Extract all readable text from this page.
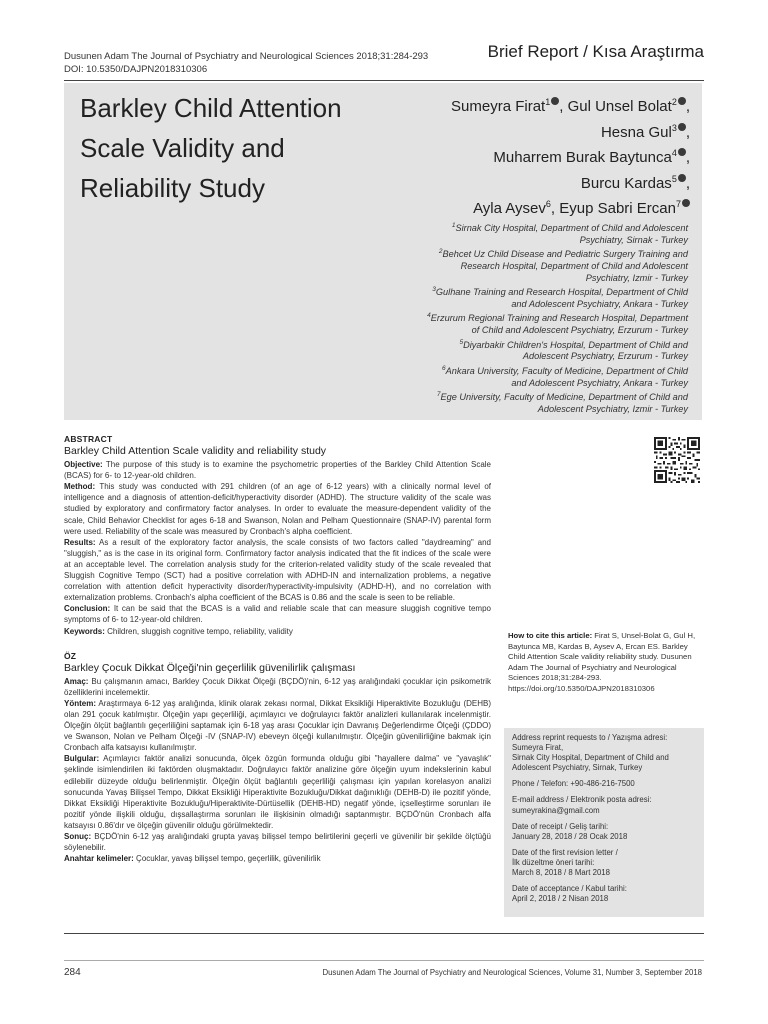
Dusunen Adam The Journal of Psychiatry and Neurological Sciences 2018;31:284-293
DOI: 10.5350/DAJPN2018310306
Brief Report / Kısa Araştırma
Barkley Child Attention Scale Validity and Reliability Study
Sumeyra Firat$^1$ , Gul Unsel Bolat$^2$ ,
Hesna Gul$^3$ ,
Muharrem Burak Baytunca$^4$ ,
Burcu Kardas$^5$ ,
Ayla Aysev$^6$, Eyup Sabri Ercan$^7$
$^1$Sirnak City Hospital, Department of Child and Adolescent
Psychiatry, Sirnak - Turkey
$^2$Behcet Uz Child Disease and Pediatric Surgery Training and
Research Hospital, Department of Child and Adolescent
Psychiatry, Izmir - Turkey
$^3$Gulhane Training and Research Hospital, Department of Child
and Adolescent Psychiatry, Ankara - Turkey
$^4$Erzurum Regional Training and Research Hospital, Department
of Child and Adolescent Psychiatry, Erzurum - Turkey
$^5$Diyarbakir Children's Hospital, Department of Child and
Adolescent Psychiatry, Erzurum - Turkey
$^6$Ankara University, Faculty of Medicine, Department of Child
and Adolescent Psychiatry, Ankara - Turkey
$^7$Ege University, Faculty of Medicine, Department of Child and
Adolescent Psychiatry, Izmir - Turkey
ABSTRACT
Barkley Child Attention Scale validity and reliability study

Objective: The purpose of this study is to examine the psychometric properties of the Barkley Child Attention Scale (BCAS) for 6- to 12-year-old children.

Method: This study was conducted with 291 children (of an age of 6-12 years) with a clinically normal level of intelligence and a diagnosis of attention-deficit/hyperactivity disorder (ADHD). The structure validity of the scale was studied by exploratory and confirmatory factor analyses. In order to evaluate the measure-dependent validity of the scale, Child Behavior Checklist for ages 6-18 and Swanson, Nolan and Pelham Questionnaire (SNAP-IV) parental form were used. Reliability of the scale was measured by Cronbach's alpha coefficient.

Results: As a result of the exploratory factor analysis, the scale consists of two factors called "daydreaming" and "sluggish," as is the case in its original form. Confirmatory factor analysis indicated that the fit indices of the scale were at an acceptable level. The correlation analysis study for the criterion-related validity study of the scale revealed that Sluggish Cognitive Tempo (SCT) had a positive correlation with ADHD-IN and internalization problems, a negative correlation with attention deficit hyperactivity disorder/hyperactivity-impulsivity (ADHD-H), and no correlation with externalization problems. Cronbach's alpha coefficient of the BCAS is 0.86 and the scale is seen to be reliable.

Conclusion: It can be said that the BCAS is a valid and reliable scale that can measure sluggish cognitive tempo symptoms of 6- to 12-year-old children.

Keywords: Children, sluggish cognitive tempo, reliability, validity

ÖZ
Barkley Çocuk Dikkat Ölçeği'nin geçerlilik güvenilirlik çalışması

Amaç: Bu çalışmanın amacı, Barkley Çocuk Dikkat Ölçeği (BÇDÖ)'nin, 6-12 yaş aralığındaki çocuklar için psikometrik özelliklerini incelemektir.

Yöntem: Araştırmaya 6-12 yaş aralığında, klinik olarak zekası normal, Dikkat Eksikliği Hiperaktivite Bozukluğu (DEHB) olan 291 çocuk katılmıştır. Ölçeğin yapı geçerliliği, açımlayıcı ve doğrulayıcı faktör analizleri kullanılarak incelenmiştir. Ölçeğin ölçüt bağlantılı geçerliliğini saptamak için 6-18 yaş arası Çocuklar için Davranış Değerlendirme Ölçeği (ÇDDO) ve Swanson, Nolan ve Pelham Ölçeği -IV (SNAP-IV) ebeveyn ölçeği kullanılmıştır. Ölçeğin güvenilirliğine bakmak için Cronbach alfa katsayısı kullanılmıştır.

Bulgular: Açımlayıcı faktör analizi sonucunda, ölçek özgün formunda olduğu gibi "hayallere dalma" ve "yavaşlık" şeklinde isimlendirilen iki faktörden oluşmaktadır. Doğrulayıcı faktör analizine göre ölçeğin uyum indekslerinin kabul edilebilir düzeyde olduğu belirlenmiştir. Ölçeğin ölçüt bağlantılı geçerliliği çalışması için yapılan korelasyon analizi sonucunda Yavaş Bilişsel Tempo, Dikkat Eksikliği Hiperaktivite Bozukluğu/Dikkat dağınıklığı (DEHB-D) ile pozitif yönde, Dikkat Eksikliği Hiperaktivite Bozukluğu/Hiperaktivite-Dürtüsellik (DEHB-HD) negatif yönde, içselleştirme sorunları ile pozitif yönde ilişkili olduğu, dışsallaştırma sorunları ile ilişkisinin olmadığı saptanmıştır. BÇDÖ'nün Cronbach alfa katsayısı 0.86'dır ve ölçeğin güvenilir olduğu görülmektedir.

Sonuç: BÇDÖ'nin 6-12 yaş aralığındaki grupta yavaş bilişsel tempo belirtilerini geçerli ve güvenilir bir şekilde ölçtüğü söylenebilir.

Anahtar kelimeler: Çocuklar, yavaş bilişsel tempo, geçerlilik, güvenilirlik

How to cite this article: Firat S, Unsel-Bolat G, Gul H, Baytunca MB, Kardas B, Aysev A, Ercan ES. Barkley Child Attention Scale validity reliability study. Dusunen Adam The Journal of Psychiatry and Neurological Sciences 2018;31:284-293. https://doi.org/10.5350/DAJPN2018310306
Address reprint requests to / Yazışma adresi:
Sumeyra Firat,
Sirnak City Hospital, Department of Child and
Adolescent Psychiatry, Sirnak, Turkey
Phone / Telefon: +90-486-216-7500
E-mail address / Elektronik posta adresi:
sumeyrakina@gmail.com
Date of receipt / Geliş tarihi:
January 28, 2018 / 28 Ocak 2018
Date of the first revision letter /
İlk düzeltme öneri tarihi:
March 8, 2018 / 8 Mart 2018
Date of acceptance / Kabul tarihi:
April 2, 2018 / 2 Nisan 2018
284	Dusunen Adam The Journal of Psychiatry and Neurological Sciences, Volume 31, Number 3, September 2018
